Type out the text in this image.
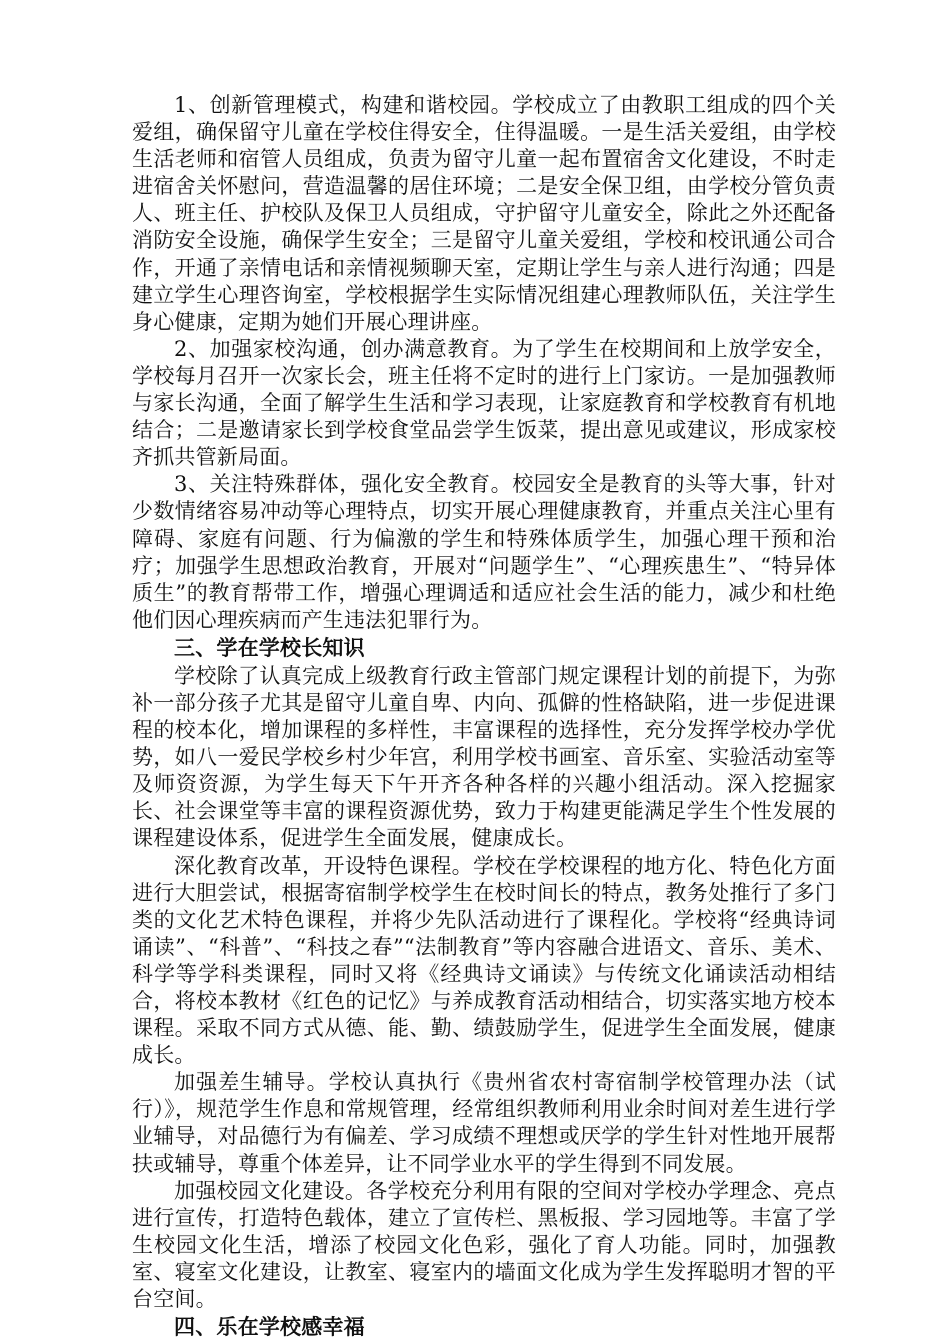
1、创新管理模式，构建和谐校园。学校成立了由教职工组成的四个关爱组，确保留守儿童在学校住得安全，住得温暖。一是生活关爱组，由学校生活老师和宿管人员组成，负责为留守儿童一起布置宿舍文化建设，不时走进宿舍关怀慰问，营造温馨的居住环境；二是安全保卫组，由学校分管负责人、班主任、护校队及保卫人员组成，守护留守儿童安全，除此之外还配备消防安全设施，确保学生安全；三是留守儿童关爱组，学校和校讯通公司合作，开通了亲情电话和亲情视频聊天室，定期让学生与亲人进行沟通；四是建立学生心理咨询室，学校根据学生实际情况组建心理教师队伍，关注学生身心健康，定期为她们开展心理讲座。

2、加强家校沟通，创办满意教育。为了学生在校期间和上放学安全，学校每月召开一次家长会，班主任将不定时的进行上门家访。一是加强教师与家长沟通，全面了解学生生活和学习表现，让家庭教育和学校教育有机地结合；二是邀请家长到学校食堂品尝学生饭菜，提出意见或建议，形成家校齐抓共管新局面。

3、关注特殊群体，强化安全教育。校园安全是教育的头等大事，针对少数情绪容易冲动等心理特点，切实开展心理健康教育，并重点关注心里有障碍、家庭有问题、行为偏激的学生和特殊体质学生，加强心理干预和治疗；加强学生思想政治教育，开展对“问题学生”、“心理疾患生”、“特异体质生”的教育帮带工作，增强心理调适和适应社会生活的能力，减少和杜绝他们因心理疾病而产生违法犯罪行为。

三、学在学校长知识

学校除了认真完成上级教育行政主管部门规定课程计划的前提下，为弥补一部分孩子尤其是留守儿童自卑、内向、孤僻的性格缺陷，进一步促进课程的校本化，增加课程的多样性，丰富课程的选择性，充分发挥学校办学优势，如八一爱民学校乡村少年宫，利用学校书画室、音乐室、实验活动室等及师资资源，为学生每天下午开齐各种各样的兴趣小组活动。深入挖掘家长、社会课堂等丰富的课程资源优势，致力于构建更能满足学生个性发展的课程建设体系，促进学生全面发展，健康成长。

深化教育改革，开设特色课程。学校在学校课程的地方化、特色化方面进行大胆尝试，根据寄宿制学校学生在校时间长的特点，教务处推行了多门类的文化艺术特色课程，并将少先队活动进行了课程化。学校将“经典诗词诵读”、“科普”、“科技之春”“法制教育”等内容融合进语文、音乐、美术、科学等学科类课程，同时又将《经典诗文诵读》与传统文化诵读活动相结合，将校本教材《红色的记忆》与养成教育活动相结合，切实落实地方校本课程。采取不同方式从德、能、勤、绩鼓励学生，促进学生全面发展，健康成长。

加强差生辅导。学校认真执行《贵州省农村寄宿制学校管理办法（试行）》，规范学生作息和常规管理，经常组织教师利用业余时间对差生进行学业辅导，对品德行为有偏差、学习成绩不理想或厌学的学生针对性地开展帮扶或辅导，尊重个体差异，让不同学业水平的学生得到不同发展。

加强校园文化建设。各学校充分利用有限的空间对学校办学理念、亮点进行宣传，打造特色载体，建立了宣传栏、黑板报、学习园地等。丰富了学生校园文化生活，增添了校园文化色彩，强化了育人功能。同时，加强教室、寝室文化建设，让教室、寝室内的墙面文化成为学生发挥聪明才智的平台空间。

四、乐在学校感幸福
